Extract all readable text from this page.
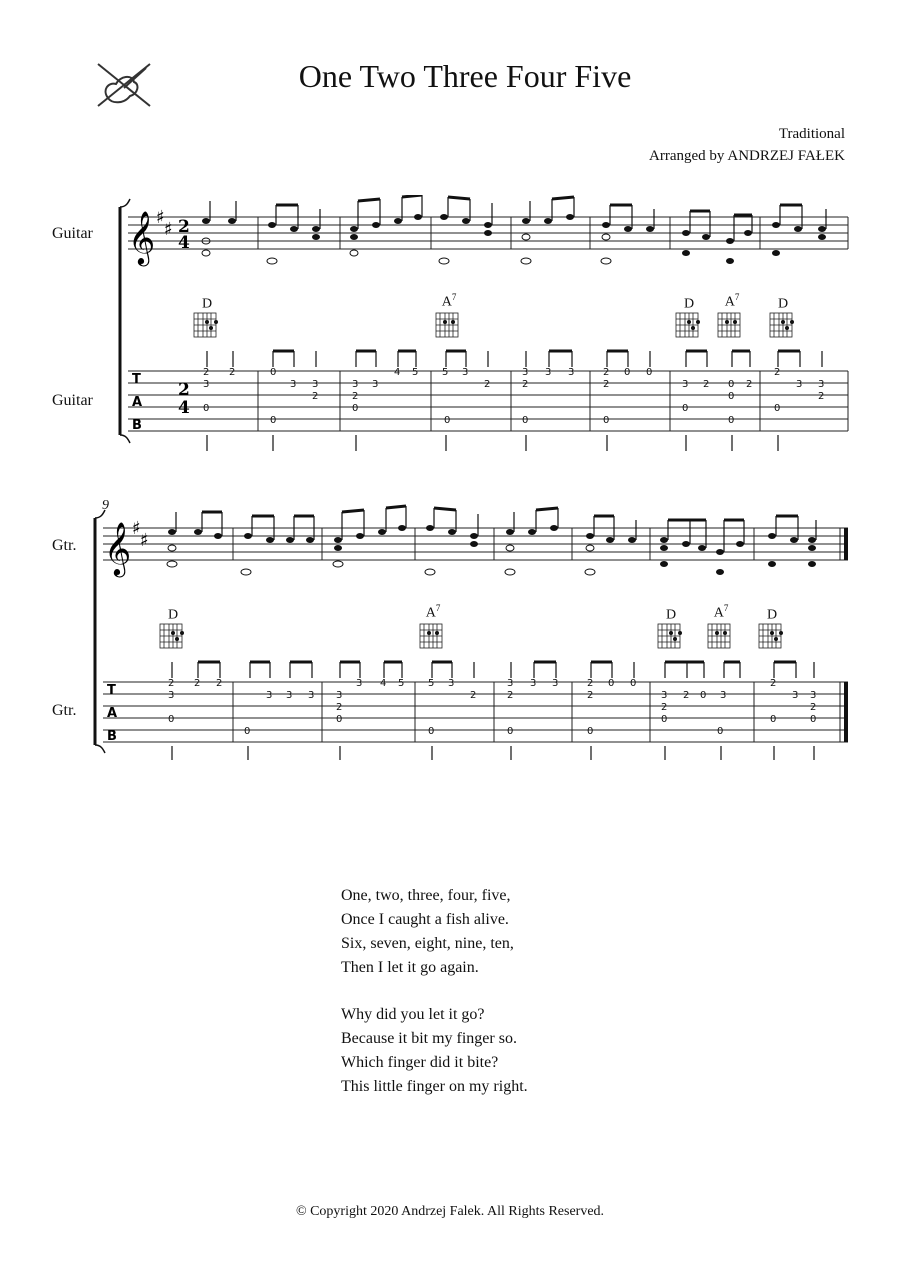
One Two Three Four Five
Traditional
Arranged by ANDRZEJ FAŁEK
Guitar
Guitar
D	$A^7$	D	$A^7$	D
𝄞 ♯
♯ 2
4
T
A
B
2
4
2
3
0
2	0
3 3
2
0
3
2
0
3
4 5 5 3
2
0
3
2
3 3
0
2
2
0 0
0
3 2 0 2
0
0
0
2
3 3
2
0
9
Gtr.
Gtr.
D	$A^7$	D	$A^7$	D
𝄞 ♯
♯
T
A
B
2
3
0
2 2
3 3 3
0
3
2
0
3 4 5 5 3
2
0
3
2
3 3
0
2
2
0 0
0
3
2
0
2 0 3
0
2
3 3
2
0	0
One, two, three, four, five,
Once I caught a fish alive.
Six, seven, eight, nine, ten,
Then I let it go again.
Why did you let it go?
Because it bit my finger so.
Which finger did it bite?
This little finger on my right.
© Copyright 2020 Andrzej Falek. All Rights Reserved.
